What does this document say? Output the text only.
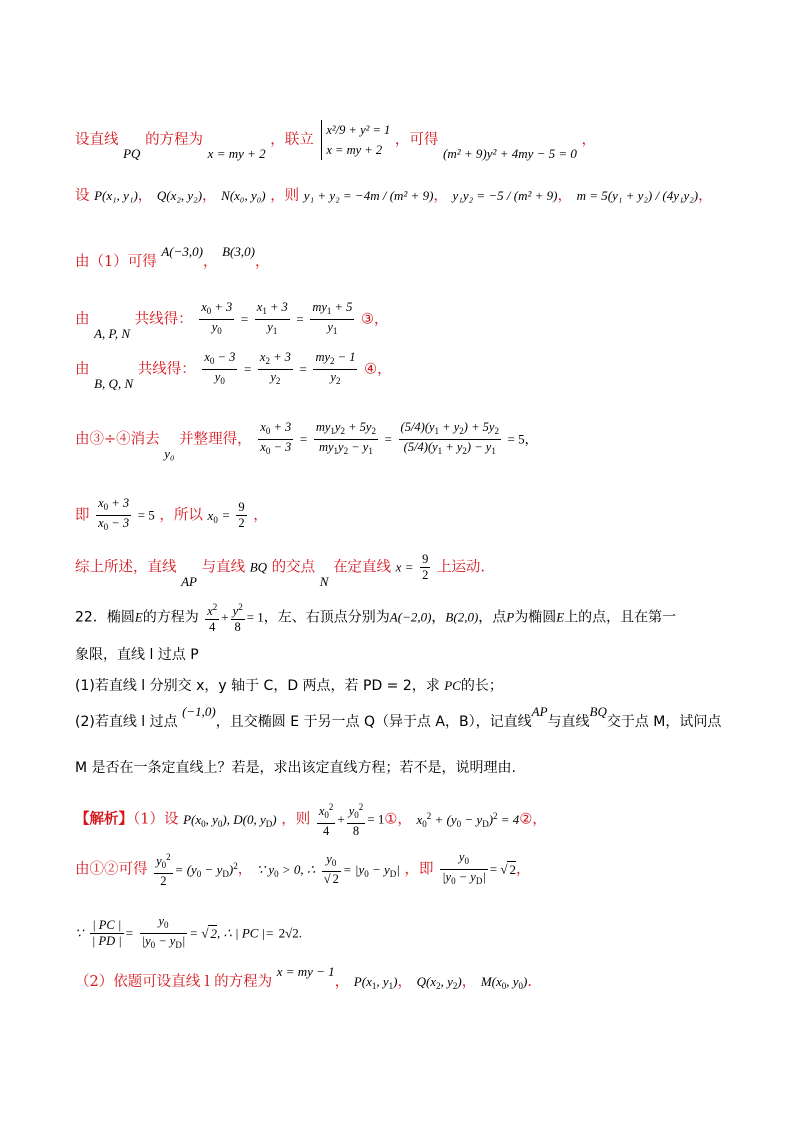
设直线 PQ 的方程为 x = my + 2 ，联立
x²/9 + y² = 1
x = my + 2
，可得 (m² + 9)y² + 4my − 5 = 0 ，
设 P(x₁, y₁)， Q(x₂, y₂)， N(x₀, y₀) ，则 y₁ + y₂ = −4m / (m² + 9)， y₁y₂ = −5 / (m² + 9)， m = 5(y₁ + y₂) / (4y₁y₂)，
由（1）可得 A(−3,0)， B(3,0)，
由 A, P, N 共线得： $\frac{x_0 + 3}{y_0} = \frac{x_1 + 3}{y_1} = \frac{my_1 + 5}{y_1}$ ③，
由 B, Q, N 共线得： $\frac{x_0 - 3}{y_0} = \frac{x_2 + 3}{y_2} = \frac{my_2 - 1}{y_2}$ ④，
由③÷④消去 y₀ 并整理得， $\frac{x_0 + 3}{x_0 - 3} = \frac{my_1y_2 + 5y_2}{my_1y_2 - y_1} = \frac{(5/4)(y_1 + y_2) + 5y_2}{(5/4)(y_1 + y_2) - y_1} = 5$，
即 $\frac{x_0 + 3}{x_0 - 3} = 5$ ，所以 $x_0 = \frac{9}{2}$ ，
综上所述，直线 AP 与直线 BQ 的交点 N 在定直线 $x = \frac{9}{2}$ 上运动.
22．椭圆E的方程为 $\frac{x^2}{4} + \frac{y^2}{8} = 1$，左、右顶点分别为A(−2,0)，B(2,0)，点P为椭圆E上的点，且在第一
象限，直线 l 过点 P
(1)若直线 l 分别交 x，y 轴于 C，D 两点，若 PD = 2，求 PC的长；
(2)若直线 l 过点 (−1,0)，且交椭圆 E 于另一点 Q（异于点 A，B），记直线AP与直线BQ交于点 M，试问点
M 是否在一条定直线上？若是，求出该定直线方程；若不是，说明理由.
【解析】（1）设 $P(x_0$, $y_0$), D(0, $y_D$) ，则 $\frac{x_0^2}{4} + \frac{y_0^2}{8}$ = 1①， $x_0^2 + (y_0 - y_D)^2$ = 4②，
由①②可得 $\frac{y_0^2}{2} = (y_0 - y_D)^2$， ∵ $y_0 > 0$, ∴ $\frac{y_0}{√ 2} = |y_0 - y_D|$ ，即 $\frac{y_0}{|y_0 - y_D|}$ = √ 2，
∵ $\frac{| PC |}{| PD |} = \frac{y_0}{|y_0 - y_D|}$ = √ 2, ∴ | PC |= 2√2.
（2）依题可设直线 l 的方程为 x = my − 1， $P(x_1$, $y_1$)， $Q(x_2$, $y_2$)， $M(x_0$, $y_0$).
